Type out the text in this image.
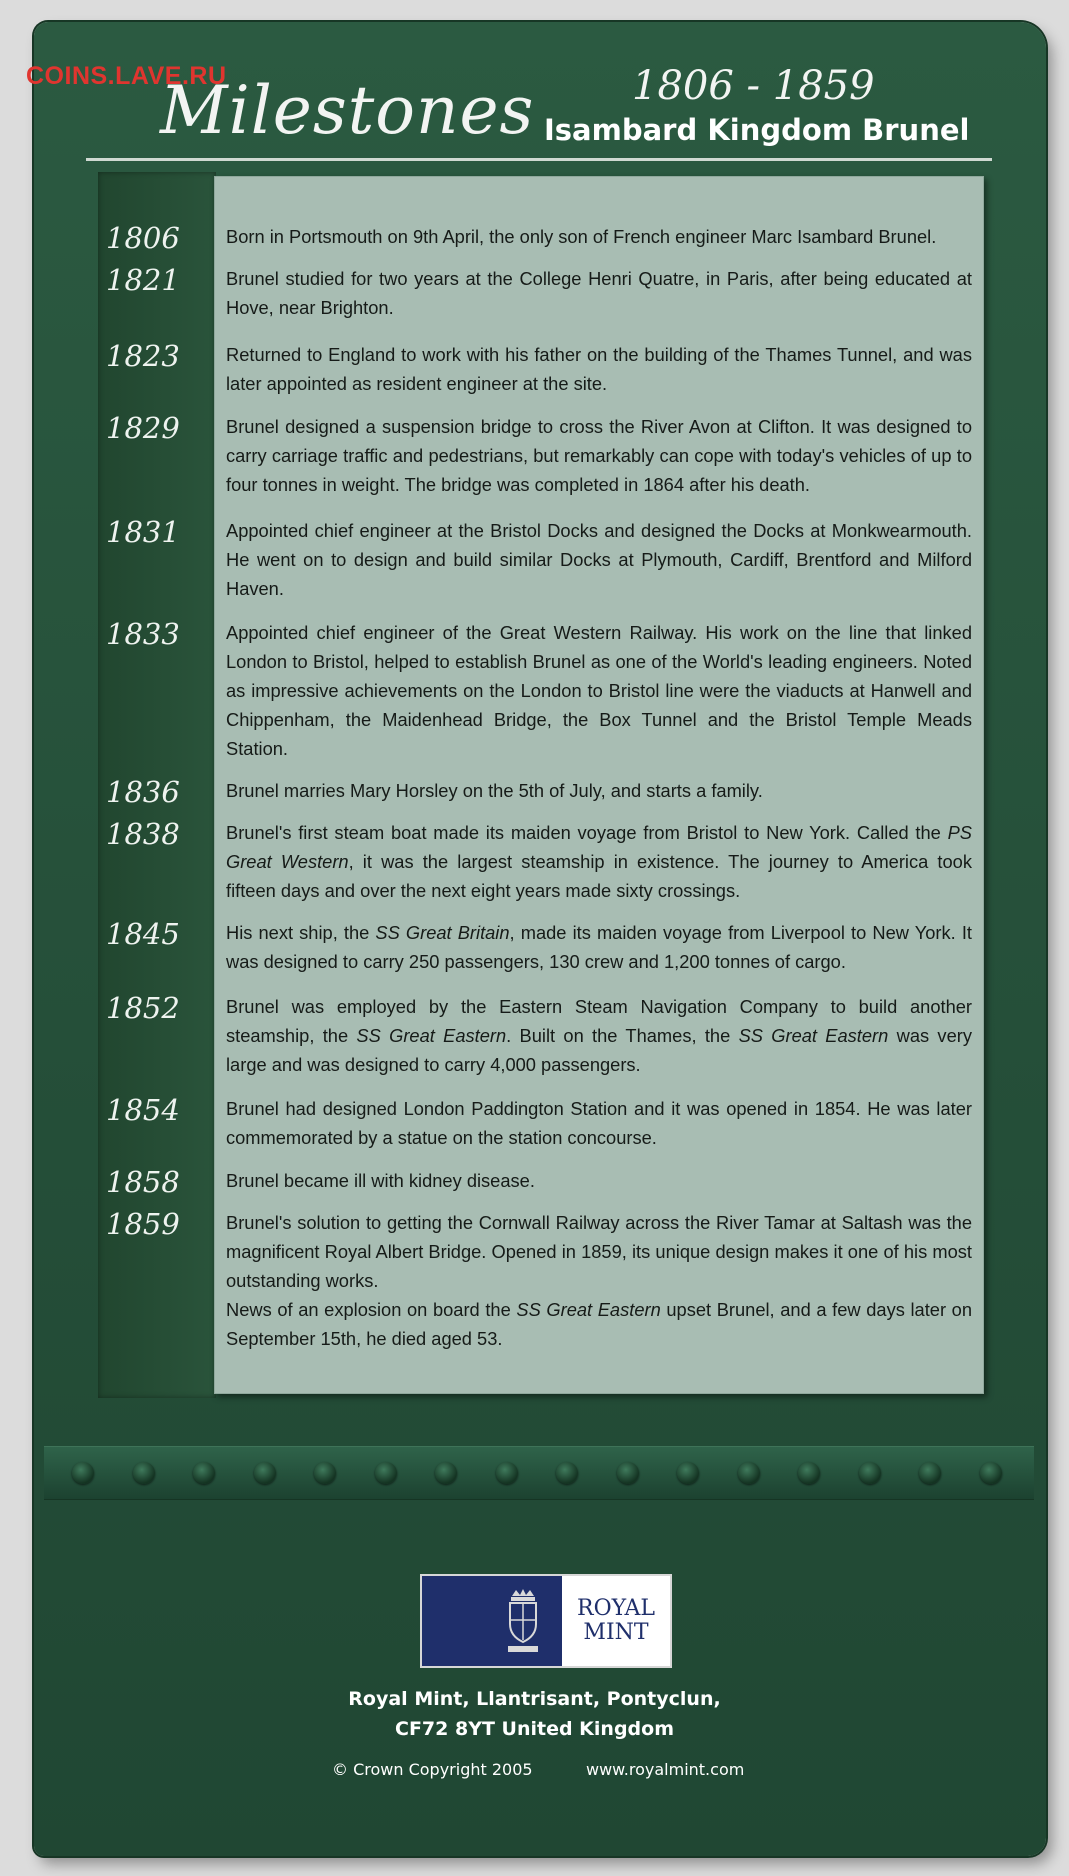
COINS.LAVE.RU
Milestones 1806 - 1859
Isambard Kingdom Brunel
1806	Born in Portsmouth on 9th April, the only son of French engineer Marc Isambard Brunel.
1821	Brunel studied for two years at the College Henri Quatre, in Paris, after being educated at Hove, near Brighton.
1823	Returned to England to work with his father on the building of the Thames Tunnel, and was later appointed as resident engineer at the site.
1829	Brunel designed a suspension bridge to cross the River Avon at Clifton. It was designed to carry carriage traffic and pedestrians, but remarkably can cope with today's vehicles of up to four tonnes in weight. The bridge was completed in 1864 after his death.
1831	Appointed chief engineer at the Bristol Docks and designed the Docks at Monkwearmouth. He went on to design and build similar Docks at Plymouth, Cardiff, Brentford and Milford Haven.
1833	Appointed chief engineer of the Great Western Railway. His work on the line that linked London to Bristol, helped to establish Brunel as one of the World's leading engineers. Noted as impressive achievements on the London to Bristol line were the viaducts at Hanwell and Chippenham, the Maidenhead Bridge, the Box Tunnel and the Bristol Temple Meads Station.
1836	Brunel marries Mary Horsley on the 5th of July, and starts a family.
1838	Brunel's first steam boat made its maiden voyage from Bristol to New York. Called the PS Great Western, it was the largest steamship in existence. The journey to America took fifteen days and over the next eight years made sixty crossings.
1845	His next ship, the SS Great Britain, made its maiden voyage from Liverpool to New York. It was designed to carry 250 passengers, 130 crew and 1,200 tonnes of cargo.
1852	Brunel was employed by the Eastern Steam Navigation Company to build another steamship, the SS Great Eastern. Built on the Thames, the SS Great Eastern was very large and was designed to carry 4,000 passengers.
1854	Brunel had designed London Paddington Station and it was opened in 1854. He was later commemorated by a statue on the station concourse.
1858	Brunel became ill with kidney disease.
1859	Brunel's solution to getting the Cornwall Railway across the River Tamar at Saltash was the magnificent Royal Albert Bridge. Opened in 1859, its unique design makes it one of his most outstanding works.
News of an explosion on board the SS Great Eastern upset Brunel, and a few days later on September 15th, he died aged 53.
ROYAL
MINT
Royal Mint, Llantrisant, Pontyclun,
CF72 8YT United Kingdom
© Crown Copyright 2005	www.royalmint.com
